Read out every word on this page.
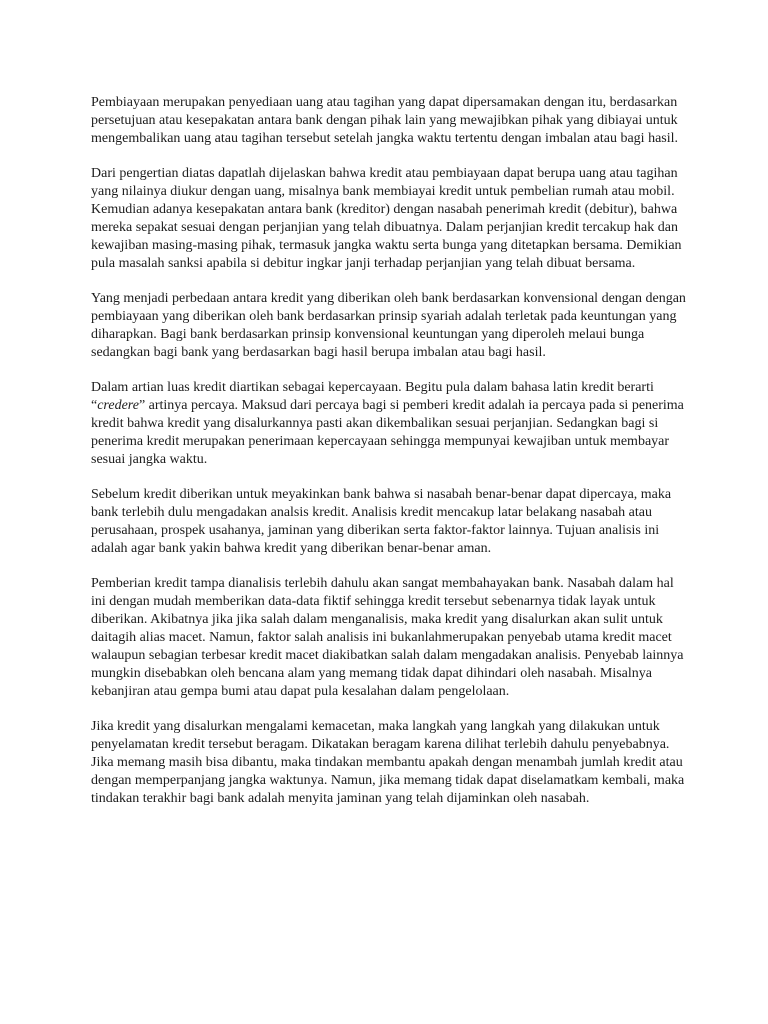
Pembiayaan merupakan penyediaan uang atau tagihan yang dapat dipersamakan dengan itu, berdasarkan persetujuan atau kesepakatan antara bank dengan pihak lain yang mewajibkan pihak yang dibiayai untuk mengembalikan uang atau tagihan tersebut setelah jangka waktu tertentu dengan imbalan atau bagi hasil.

Dari pengertian diatas dapatlah dijelaskan bahwa kredit atau pembiayaan dapat berupa uang atau tagihan yang nilainya diukur dengan uang, misalnya bank membiayai kredit untuk pembelian rumah atau mobil. Kemudian adanya kesepakatan antara bank (kreditor) dengan nasabah penerimah kredit (debitur), bahwa mereka sepakat sesuai dengan perjanjian yang telah dibuatnya. Dalam perjanjian kredit tercakup hak dan kewajiban masing-masing pihak, termasuk jangka waktu serta bunga yang ditetapkan bersama. Demikian pula masalah sanksi apabila si debitur ingkar janji terhadap perjanjian yang telah dibuat bersama.

Yang menjadi perbedaan antara kredit yang diberikan oleh bank berdasarkan konvensional dengan dengan pembiayaan yang diberikan oleh bank berdasarkan prinsip syariah adalah terletak pada keuntungan yang diharapkan. Bagi bank berdasarkan prinsip konvensional keuntungan yang diperoleh melaui bunga sedangkan bagi bank yang berdasarkan bagi hasil berupa imbalan atau bagi hasil.

Dalam artian luas kredit diartikan sebagai kepercayaan. Begitu pula dalam bahasa latin kredit berarti “credere” artinya percaya. Maksud dari percaya bagi si pemberi kredit adalah ia percaya pada si penerima kredit bahwa kredit yang disalurkannya pasti akan dikembalikan sesuai perjanjian. Sedangkan bagi si penerima kredit merupakan penerimaan kepercayaan sehingga mempunyai kewajiban untuk membayar sesuai jangka waktu.

Sebelum kredit diberikan untuk meyakinkan bank bahwa si nasabah benar-benar dapat dipercaya, maka bank terlebih dulu mengadakan analsis kredit. Analisis kredit mencakup latar belakang nasabah atau perusahaan, prospek usahanya, jaminan yang diberikan serta faktor-faktor lainnya. Tujuan analisis ini adalah agar bank yakin bahwa kredit yang diberikan benar-benar aman.

Pemberian kredit tampa dianalisis terlebih dahulu akan sangat membahayakan bank. Nasabah dalam hal ini dengan mudah memberikan data-data fiktif sehingga kredit tersebut sebenarnya tidak layak untuk diberikan. Akibatnya jika jika salah dalam menganalisis, maka kredit yang disalurkan akan sulit untuk daitagih alias macet. Namun, faktor salah analisis ini bukanlahmerupakan penyebab utama kredit macet walaupun sebagian terbesar kredit macet diakibatkan salah dalam mengadakan analisis. Penyebab lainnya mungkin disebabkan oleh bencana alam yang memang tidak dapat dihindari oleh nasabah. Misalnya kebanjiran atau gempa bumi atau dapat pula kesalahan dalam pengelolaan.

Jika kredit yang disalurkan mengalami kemacetan, maka langkah yang langkah yang dilakukan untuk penyelamatan kredit tersebut beragam. Dikatakan beragam karena dilihat terlebih dahulu penyebabnya. Jika memang masih bisa dibantu, maka tindakan membantu apakah dengan menambah jumlah kredit atau dengan memperpanjang jangka waktunya. Namun, jika memang tidak dapat diselamatkam kembali, maka tindakan terakhir bagi bank adalah menyita jaminan yang telah dijaminkan oleh nasabah.
